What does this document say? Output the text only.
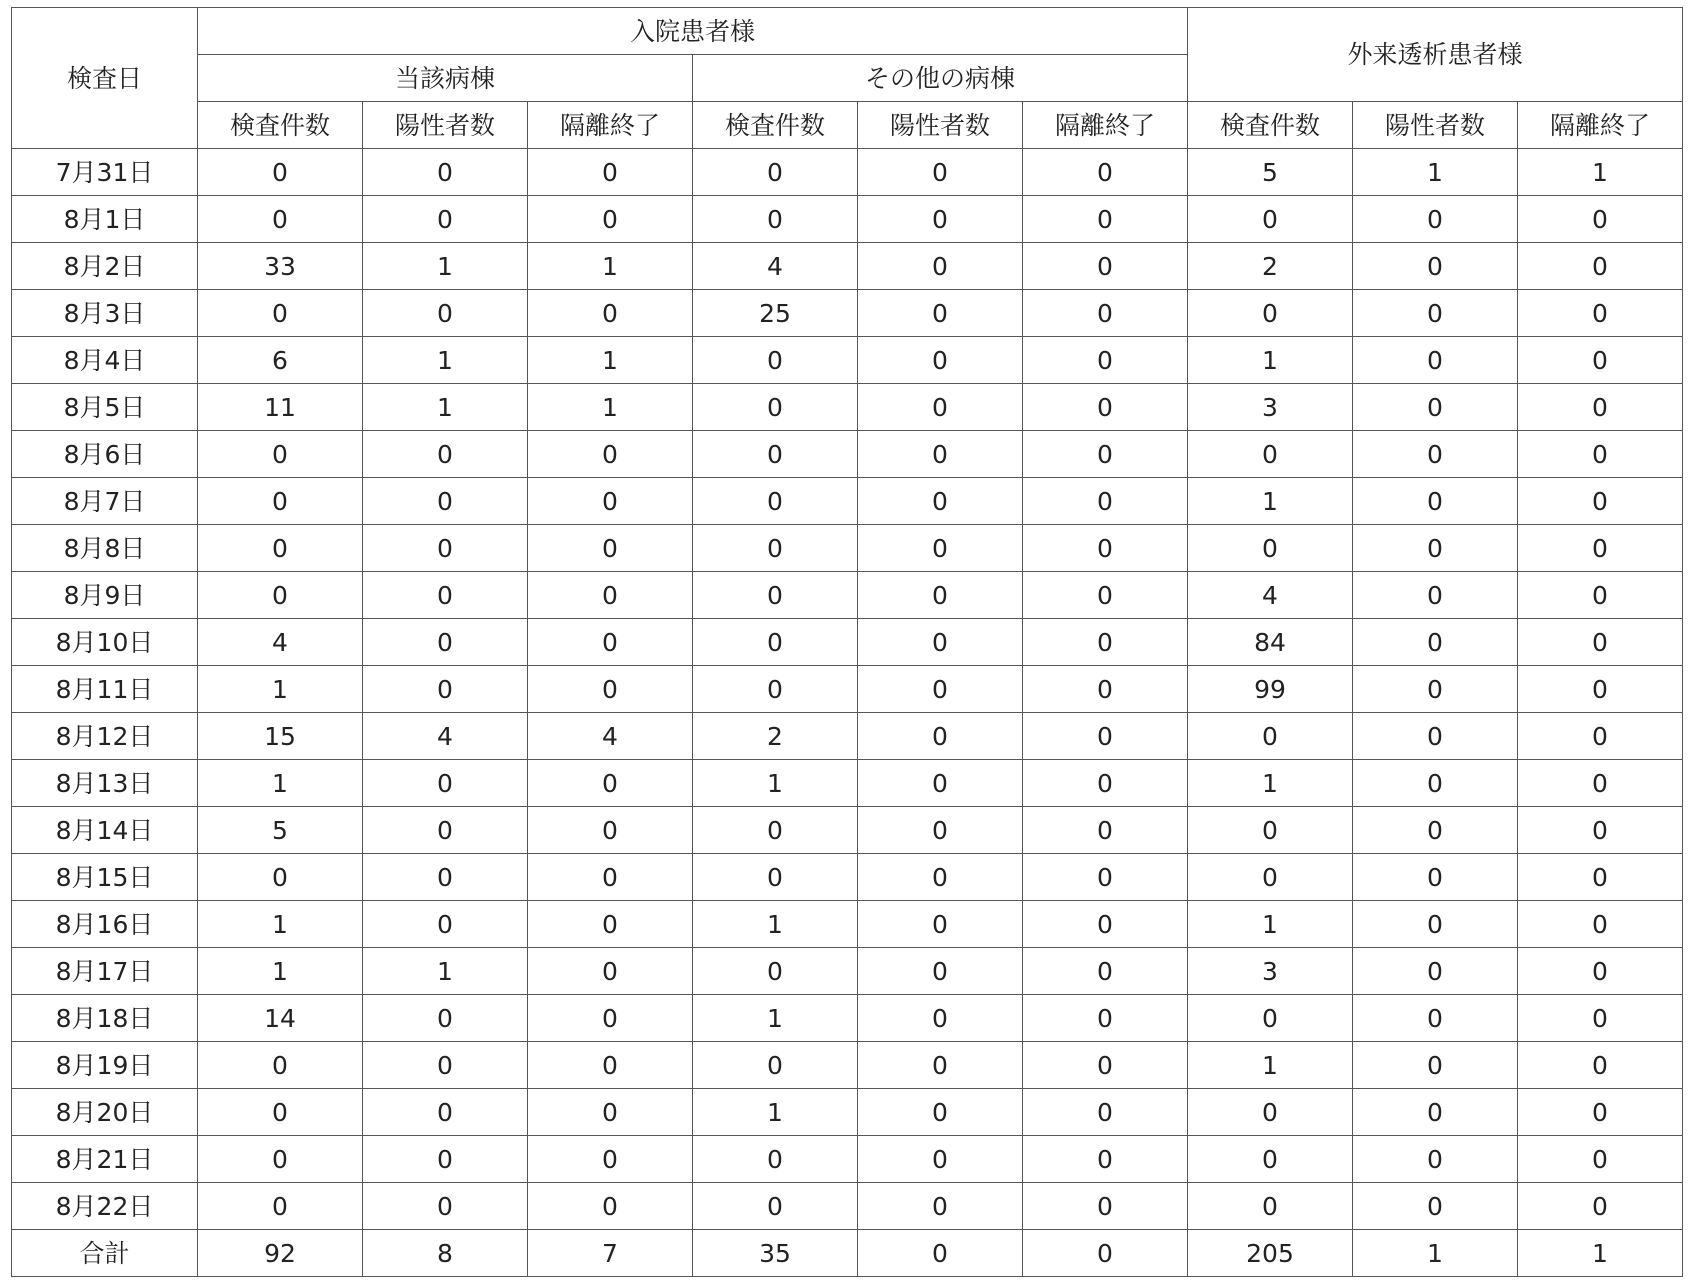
検査日	入院患者様						外来透析患者様		
	当該病棟			その他の病棟					
	検査件数	陽性者数	隔離終了	検査件数	陽性者数	隔離終了	検査件数	陽性者数	隔離終了
7月31日	0	0	0	0	0	0	5	1	1
8月1日	0	0	0	0	0	0	0	0	0
8月2日	33	1	1	4	0	0	2	0	0
8月3日	0	0	0	25	0	0	0	0	0
8月4日	6	1	1	0	0	0	1	0	0
8月5日	11	1	1	0	0	0	3	0	0
8月6日	0	0	0	0	0	0	0	0	0
8月7日	0	0	0	0	0	0	1	0	0
8月8日	0	0	0	0	0	0	0	0	0
8月9日	0	0	0	0	0	0	4	0	0
8月10日	4	0	0	0	0	0	84	0	0
8月11日	1	0	0	0	0	0	99	0	0
8月12日	15	4	4	2	0	0	0	0	0
8月13日	1	0	0	1	0	0	1	0	0
8月14日	5	0	0	0	0	0	0	0	0
8月15日	0	0	0	0	0	0	0	0	0
8月16日	1	0	0	1	0	0	1	0	0
8月17日	1	1	0	0	0	0	3	0	0
8月18日	14	0	0	1	0	0	0	0	0
8月19日	0	0	0	0	0	0	1	0	0
8月20日	0	0	0	1	0	0	0	0	0
8月21日	0	0	0	0	0	0	0	0	0
8月22日	0	0	0	0	0	0	0	0	0
合計	92	8	7	35	0	0	205	1	1
